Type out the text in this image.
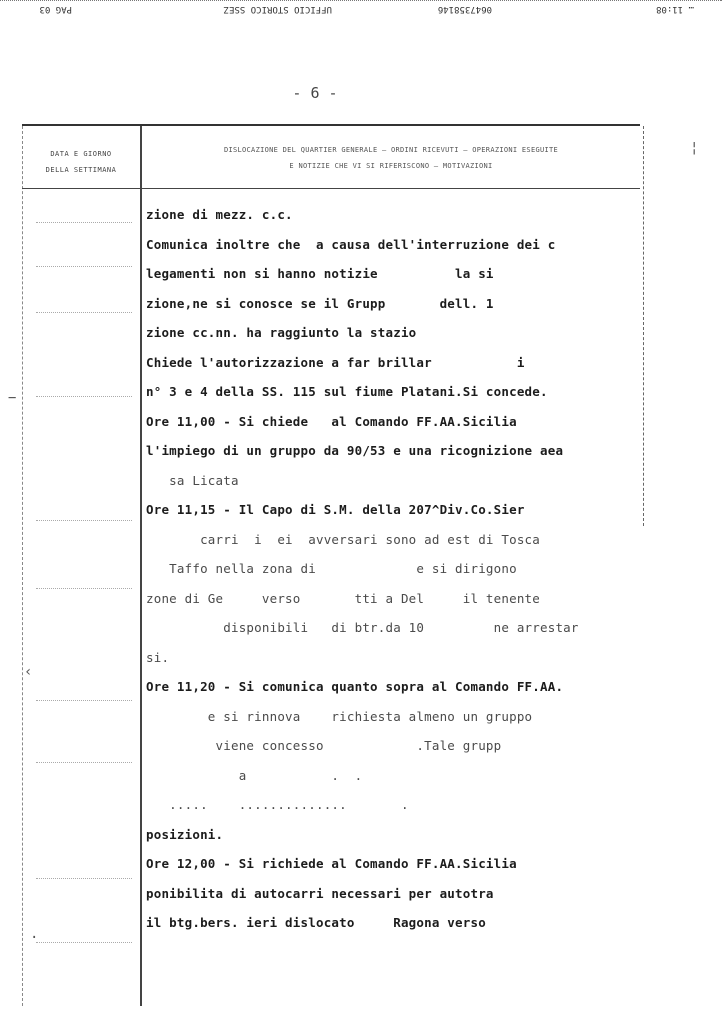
… 11:08
0647358146
UFFICIO STORICO SSEZ
PAG 03
- 6 -
DATA E GIORNO
DELLA SETTIMANA
DISLOCAZIONE DEL QUARTIER GENERALE — ORDINI RICEVUTI — OPERAZIONI ESEGUITE
E NOTIZIE CHE VI SI RIFERISCONO — MOTIVAZIONI
zione di mezz. c.c.
Comunica inoltre che  a causa dell'interruzione dei c
legamenti non si hanno notizie          la si
zione,ne si conosce se il Grupp       dell. 1
zione cc.nn. ha raggiunto la stazio
Chiede l'autorizzazione a far brillar           i
n° 3 e 4 della SS. 115 sul fiume Platani.Si concede.
Ore 11,00 - Si chiede   al Comando FF.AA.Sicilia
l'impiego di un gruppo da 90/53 e una ricognizione aea
sa Licata
Ore 11,15 - Il Capo di S.M. della 207^Div.Co.Sier
carri  i  ei  avversari sono ad est di Tosca
Taffo nella zona di             e si dirigono
zone di Ge     verso       tti a Del     il tenente
disponibili   di btr.da 10         ne arrestar
si.
Ore 11,20 - Si comunica quanto sopra al Comando FF.AA.
e si rinnova    richiesta almeno un gruppo
viene concesso            .Tale grupp
a           .  .
.....    ..............       .
posizioni.
Ore 12,00 - Si richiede al Comando FF.AA.Sicilia
ponibilita di autocarri necessari per autotra
il btg.bers. ieri dislocato     Ragona verso
−
‹
·
¦
